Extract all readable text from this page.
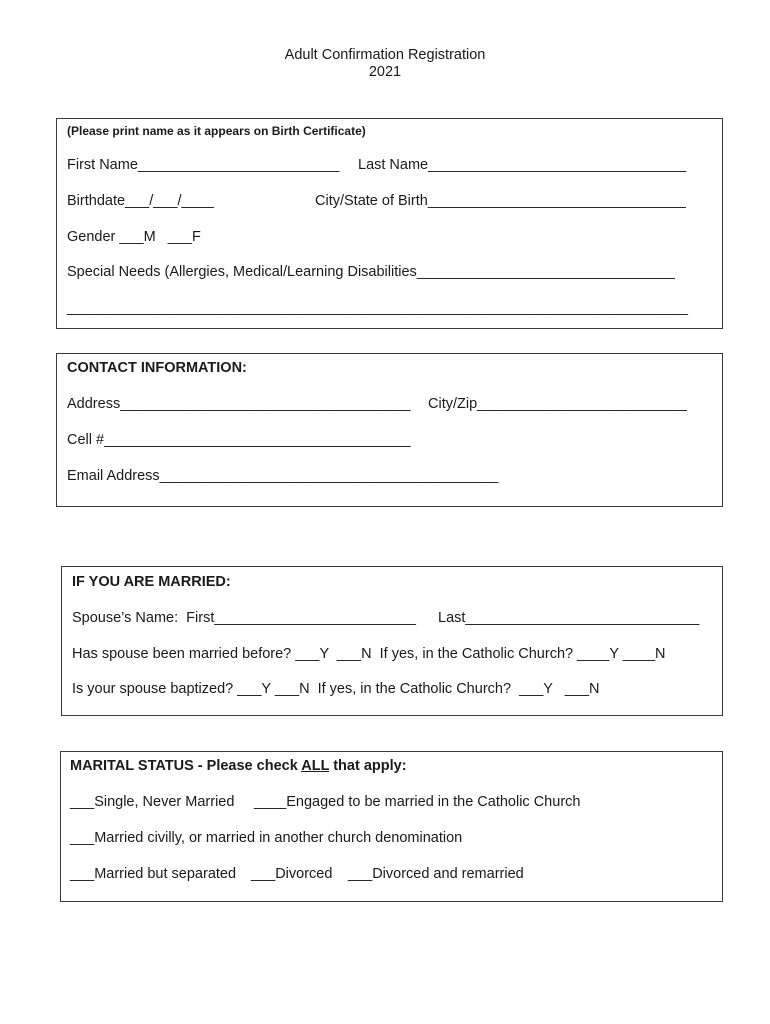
Adult Confirmation Registration
2021
(Please print name as it appears on Birth Certificate)
First Name_________________________ Last Name________________________________
Birthdate___/___/____	City/State of Birth________________________________
Gender ___M   ___F
Special Needs (Allergies, Medical/Learning Disabilities________________________________
_____________________________________________________________________________
CONTACT INFORMATION:
Address____________________________________ City/Zip__________________________
Cell #______________________________________
Email Address__________________________________________
IF YOU ARE MARRIED:
Spouse’s Name:  First_________________________ Last_____________________________
Has spouse been married before? ___Y  ___N  If yes, in the Catholic Church? ____Y ____N
Is your spouse baptized? ___Y ___N  If yes, in the Catholic Church?  ___Y   ___N
MARITAL STATUS - Please check ALL that apply:
___Single, Never Married ____Engaged to be married in the Catholic Church
___Married civilly, or married in another church denomination
___Married but separated ___Divorced ___Divorced and remarried
